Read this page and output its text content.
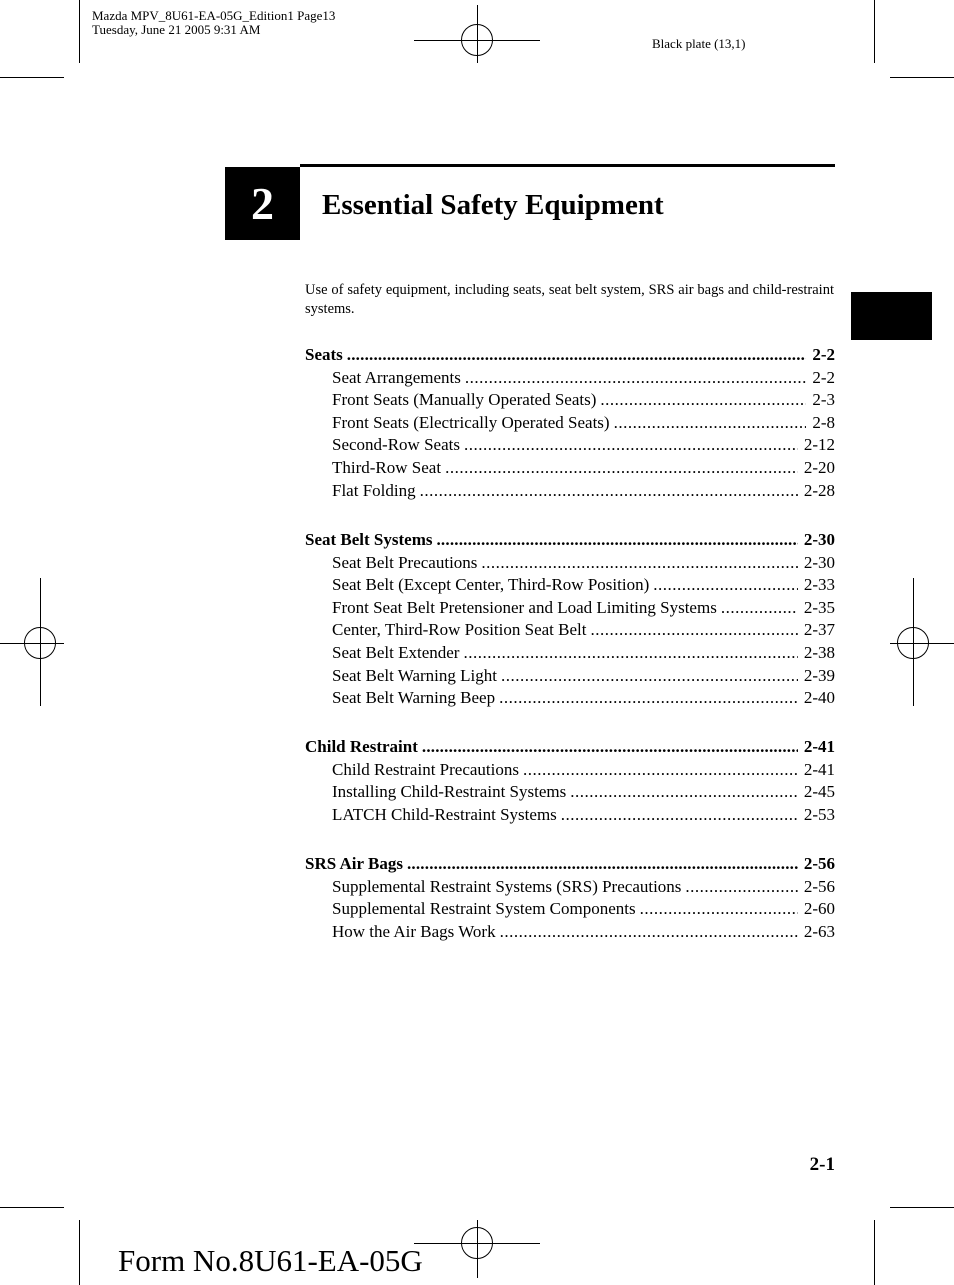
Mazda MPV_8U61-EA-05G_Edition1 Page13
Tuesday, June 21 2005 9:31 AM
Black plate (13,1)
2	Essential Safety Equipment
Use of safety equipment, including seats, seat belt system, SRS air bags and child-restraint systems.
Seats .....	2-2
Seat Arrangements .....	2-2
Front Seats (Manually Operated Seats) .....	2-3
Front Seats (Electrically Operated Seats) .....	2-8
Second-Row Seats .....	2-12
Third-Row Seat .....	2-20
Flat Folding .....	2-28
Seat Belt Systems .....	2-30
Seat Belt Precautions .....	2-30
Seat Belt (Except Center, Third-Row Position) .....	2-33
Front Seat Belt Pretensioner and Load Limiting Systems .....	2-35
Center, Third-Row Position Seat Belt .....	2-37
Seat Belt Extender .....	2-38
Seat Belt Warning Light .....	2-39
Seat Belt Warning Beep .....	2-40
Child Restraint .....	2-41
Child Restraint Precautions .....	2-41
Installing Child-Restraint Systems .....	2-45
LATCH Child-Restraint Systems .....	2-53
SRS Air Bags .....	2-56
Supplemental Restraint Systems (SRS) Precautions .....	2-56
Supplemental Restraint System Components .....	2-60
How the Air Bags Work .....	2-63
2-1
Form No.8U61-EA-05G
